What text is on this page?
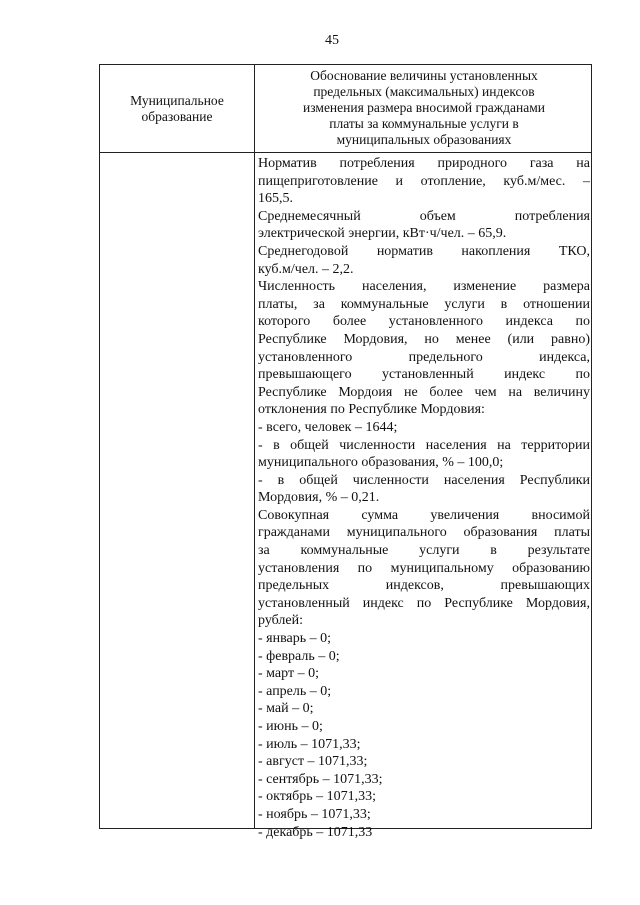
45
Муниципальное
образование
Обоснование величины установленных
предельных (максимальных) индексов
изменения размера вносимой гражданами
платы за коммунальные услуги в
муниципальных образованиях
Норматив потребления природного газа на
пищеприготовление и отопление, куб.м/мес. –
165,5.
Среднемесячный объем потребления
электрической энергии, кВт·ч/чел. – 65,9.
Среднегодовой норматив накопления ТКО,
куб.м/чел. – 2,2.
Численность населения, изменение размера
платы, за коммунальные услуги в отношении
которого более установленного индекса по
Республике Мордовия, но менее (или равно)
установленного предельного индекса,
превышающего установленный индекс по
Республике Мордоия не более чем на величину
отклонения по Республике Мордовия:
- всего, человек – 1644;
- в общей численности населения на территории
муниципального образования, % – 100,0;
- в общей численности населения Республики
Мордовия, % – 0,21.
Совокупная сумма увеличения вносимой
гражданами муниципального образования платы
за коммунальные услуги в результате
установления по муниципальному образованию
предельных индексов, превышающих
установленный индекс по Республике Мордовия,
рублей:
- январь – 0;
- февраль – 0;
- март – 0;
- апрель – 0;
- май – 0;
- июнь – 0;
- июль – 1071,33;
- август – 1071,33;
- сентябрь – 1071,33;
- октябрь – 1071,33;
- ноябрь – 1071,33;
- декабрь – 1071,33
